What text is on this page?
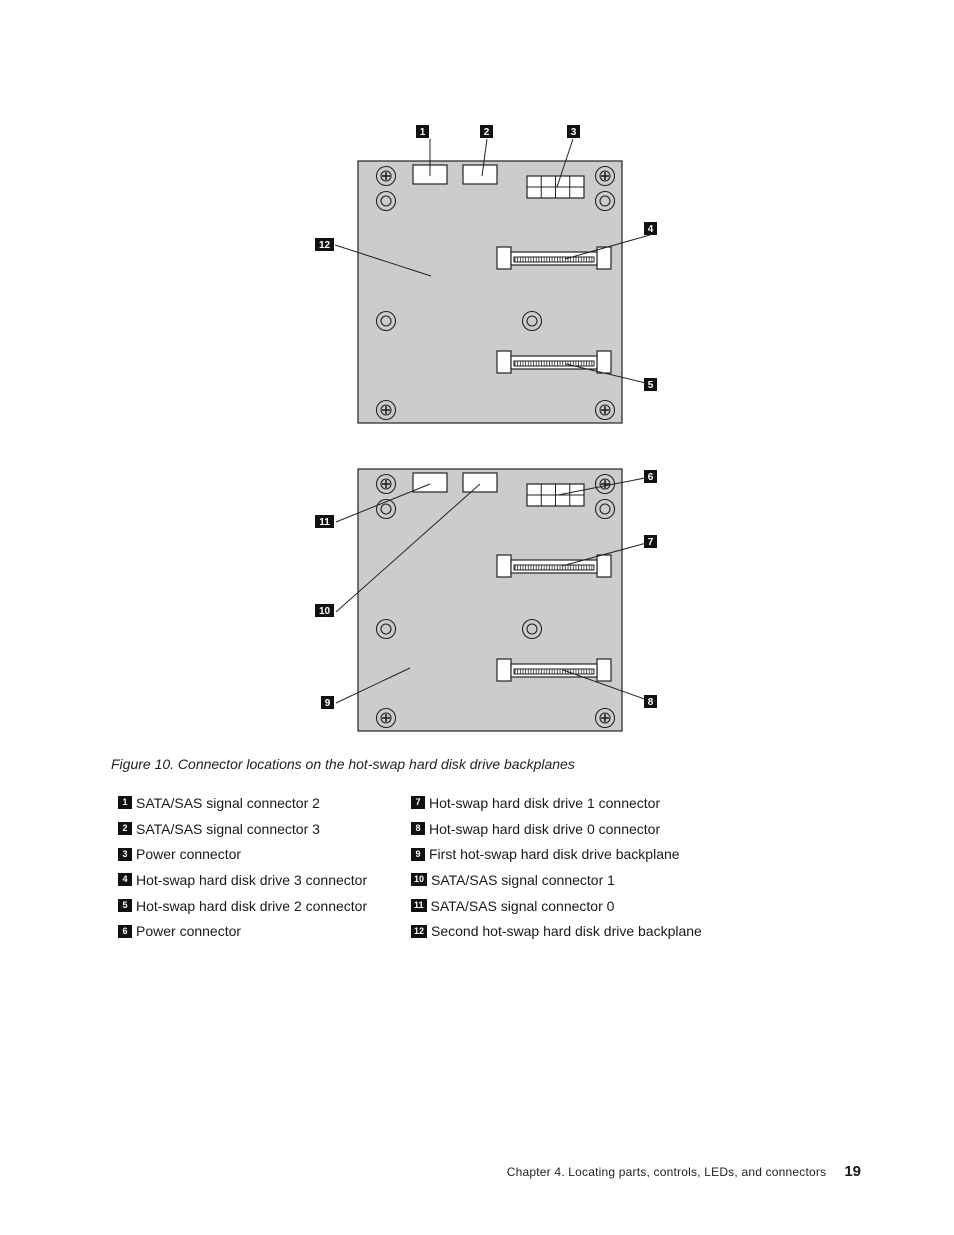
1	2	3
4
5
12
6
7
8
9
10
11
Figure 10. Connector locations on the hot-swap hard disk drive backplanes
1 SATA/SAS signal connector 2
2 SATA/SAS signal connector 3
3 Power connector
4 Hot-swap hard disk drive 3 connector
5 Hot-swap hard disk drive 2 connector
6 Power connector
7 Hot-swap hard disk drive 1 connector
8 Hot-swap hard disk drive 0 connector
9 First hot-swap hard disk drive backplane
10 SATA/SAS signal connector 1
11 SATA/SAS signal connector 0
12 Second hot-swap hard disk drive backplane
Chapter 4. Locating parts, controls, LEDs, and connectors 19
